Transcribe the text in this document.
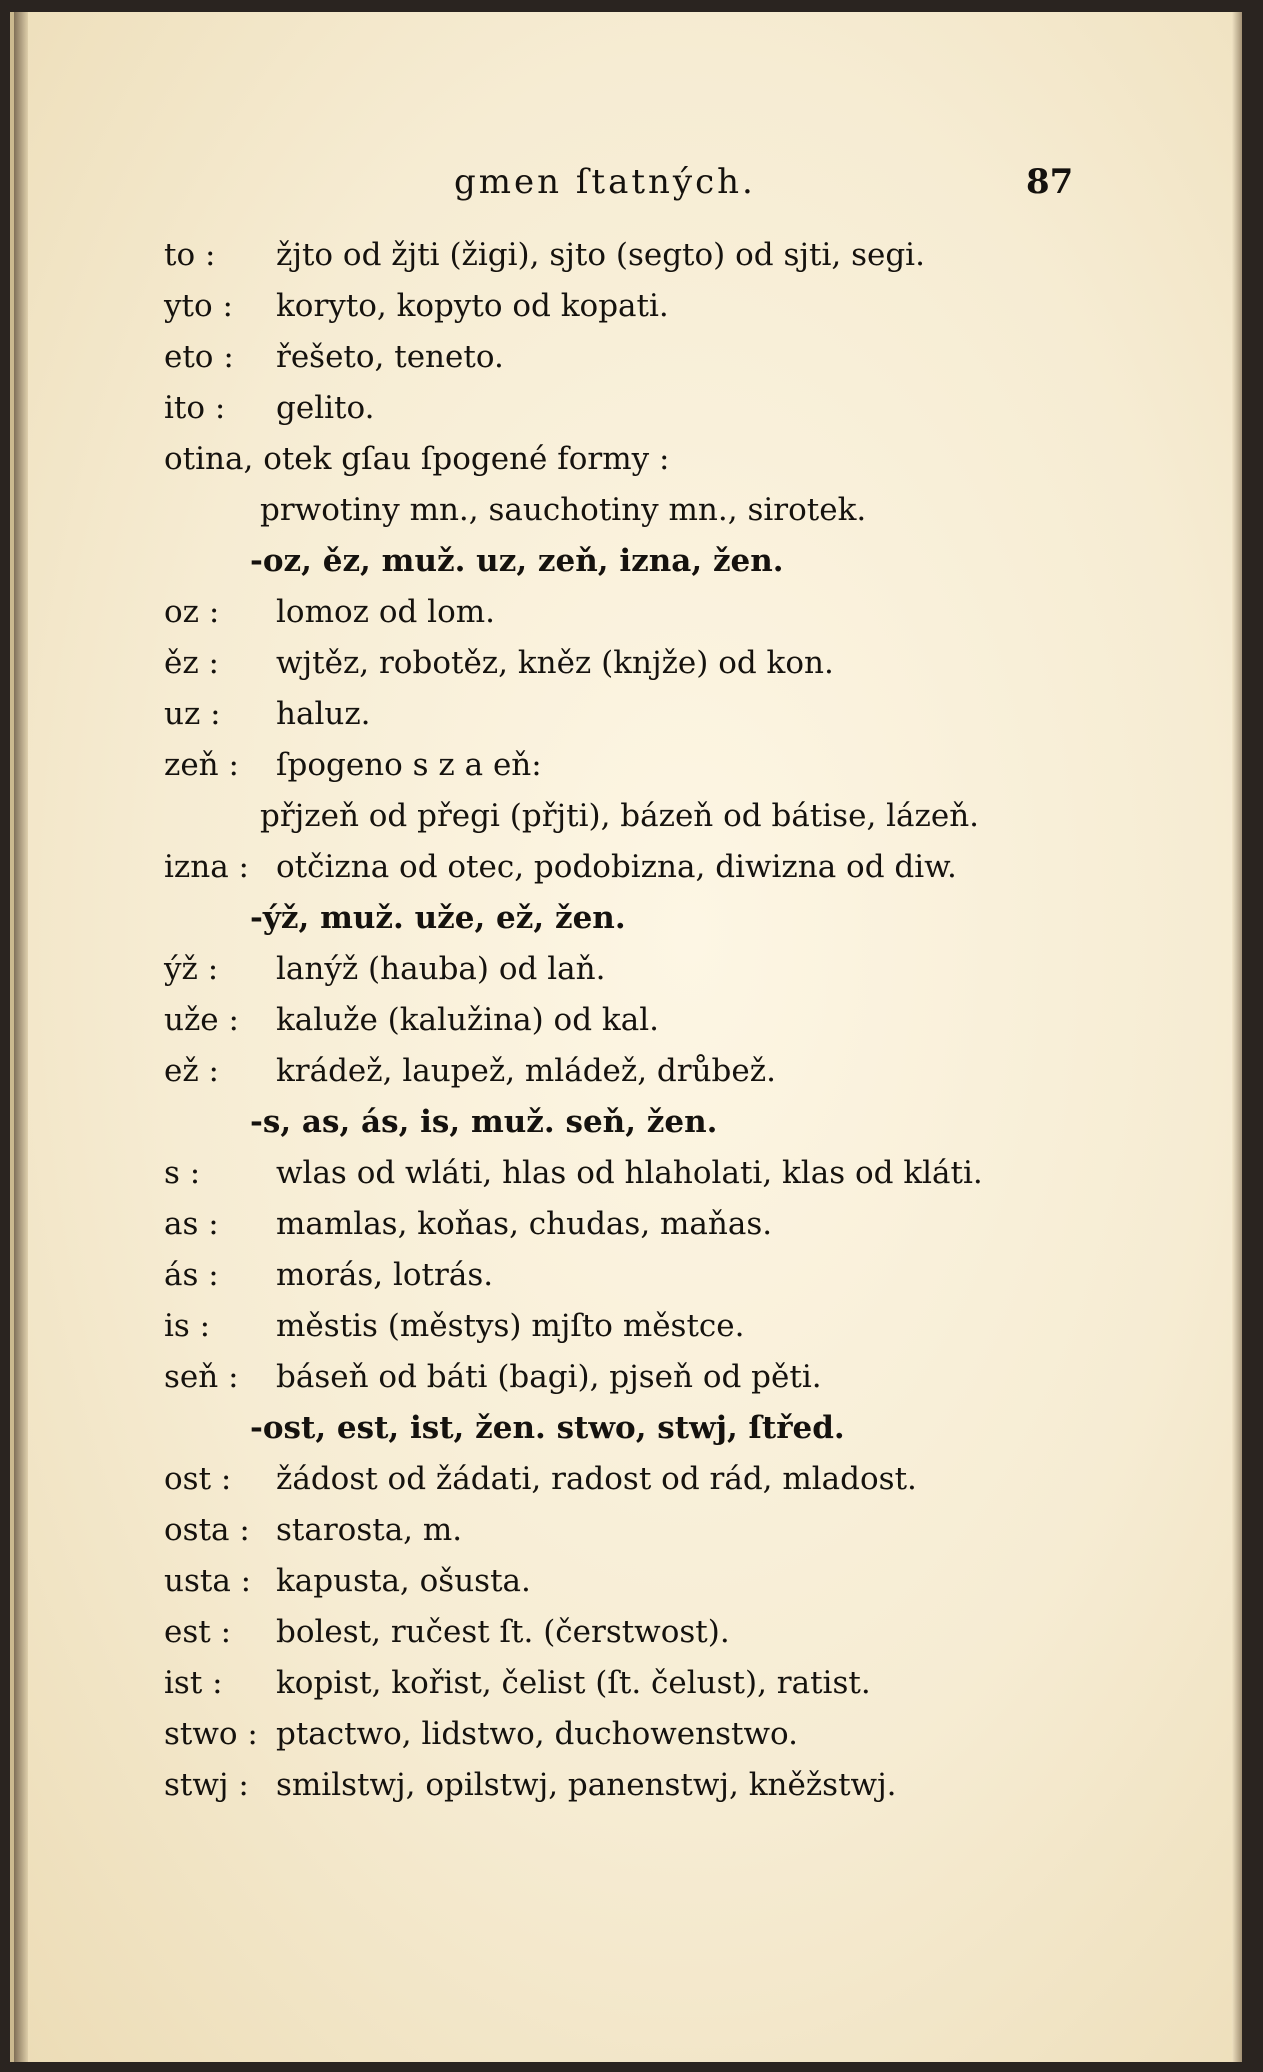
gmen ſtatných.	87
to : žjto od žjti (žigi), sjto (segto) od sjti, segi.
yto : koryto, kopyto od kopati.
eto : řešeto, teneto.
ito : gelito.
otina, otek gſau ſpogené formy :
prwotiny mn., sauchotiny mn., sirotek.
-oz, ěz, muž. uz, zeň, izna, žen.
oz : lomoz od lom.
ěz : wjtěz, robotěz, kněz (knjže) od kon.
uz : haluz.
zeň : ſpogeno s z a eň:
přjzeň od přegi (přjti), bázeň od bátise, lázeň.
izna : otčizna od otec, podobizna, diwizna od diw.
-ýž, muž. uže, ež, žen.
ýž : lanýž (hauba) od laň.
uže : kaluže (kalužina) od kal.
ež : krádež, laupež, mládež, drůbež.
-s, as, ás, is, muž. seň, žen.
s : wlas od wláti, hlas od hlaholati, klas od kláti.
as : mamlas, koňas, chudas, maňas.
ás : morás, lotrás.
is : městis (městys) mjſto městce.
seň : báseň od báti (bagi), pjseň od pěti.
-ost, est, ist, žen. stwo, stwj, ſtřed.
ost : žádost od žádati, radost od rád, mladost.
osta : starosta, m.
usta : kapusta, ošusta.
est : bolest, ručest ſt. (čerstwost).
ist : kopist, kořist, čelist (ſt. čelust), ratist.
stwo : ptactwo, lidstwo, duchowenstwo.
stwj : smilstwj, opilstwj, panenstwj, kněžstwj.
